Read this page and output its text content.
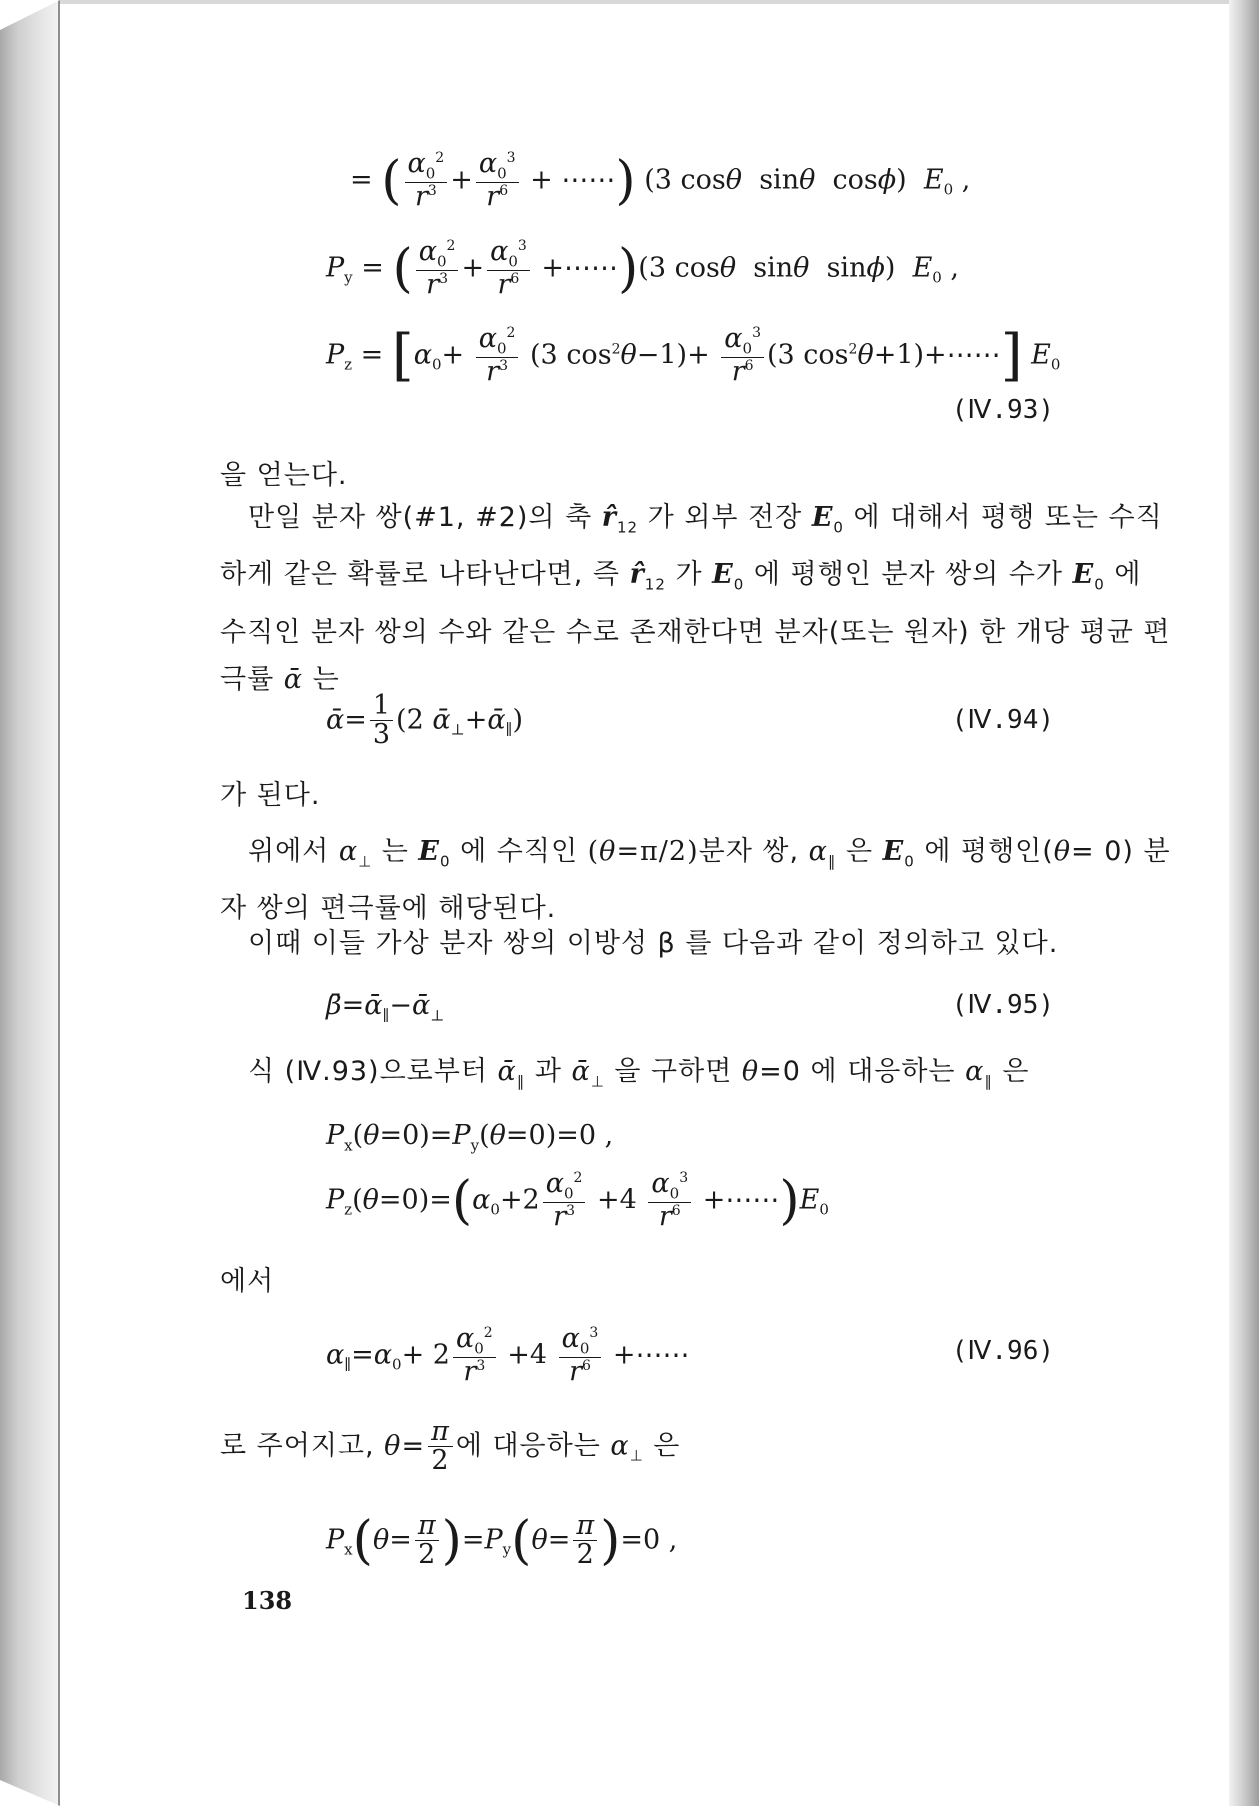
= ( $\frac{\alpha_0^2}{r^3} + \frac{\alpha_0^3}{r^6}$ + ⋯⋯) (3 cosθ  sinθ  cosϕ)  $E_0$ ,
$P_y$ = ( $\frac{\alpha_0^2}{r^3} + \frac{\alpha_0^3}{r^6}$ +⋯⋯)(3 cosθ  sinθ  sinϕ)  $E_0$ ,
$P_z = [\alpha_0+ \frac{\alpha_0^2}{r^3} (3$ $\cos^2\theta-1)+ \frac{\alpha_0^3}{r^6} (3$ $\cos^2\theta+1)+\cdots\cdots$] $E_0$
(Ⅳ.93)
을 얻는다.
만일 분자 쌍(#1, #2)의 축 $r̂_{12}$ 가 외부 전장 $E_0$ 에 대해서 평행 또는 수직하게 같은 확률로 나타난다면, 즉 $r̂_{12}$ 가 $E_0$ 에 평행인 분자 쌍의 수가 $E_0$ 에 수직인 분자 쌍의 수와 같은 수로 존재한다면 분자(또는 원자) 한 개당 평균 편극률 ᾱ 는
ᾱ= $\frac{1}{3} (2$ ᾱ$_\perp$+ᾱ$_\parallel$)	(Ⅳ.94)
가 된다.
위에서 $\alpha_\perp$ 는 $E_0$ 에 수직인 (θ=π/2)분자 쌍, $\alpha_\parallel$ 은 $E_0$ 에 평행인(θ= 0) 분자 쌍의 편극률에 해당된다.
이때 이들 가상 분자 쌍의 이방성 β 를 다음과 같이 정의하고 있다.
β̄=ᾱ$_\parallel$−ᾱ$_\perp$	(Ⅳ.95)
식 (Ⅳ.93)으로부터 ᾱ$_\parallel$ 과 ᾱ$_\perp$ 을 구하면 θ=0 에 대응하는 $\alpha_\parallel$ 은
$P_x(\theta=0)=P_y(\theta=0)=0$ ,
$P_z(\theta=0)=(\alpha_0+2 \frac{\alpha_0^2}{r^3} +4 \frac{\alpha_0^3}{r^6}$ $+\cdots\cdots)E_0$
에서
$\alpha_\parallel=\alpha_0+ 2 \frac{\alpha_0^2}{r^3} +4 \frac{\alpha_0^3}{r^6}$ +⋯⋯	(Ⅳ.96)
로 주어지고, $\theta= \frac{\pi}{2}$ 에 대응하는 $\alpha_\perp$ 은
$P_x(\theta= \frac{\pi}{2} )=P_y(\theta= \frac{\pi}{2} )=0$ ,
138
